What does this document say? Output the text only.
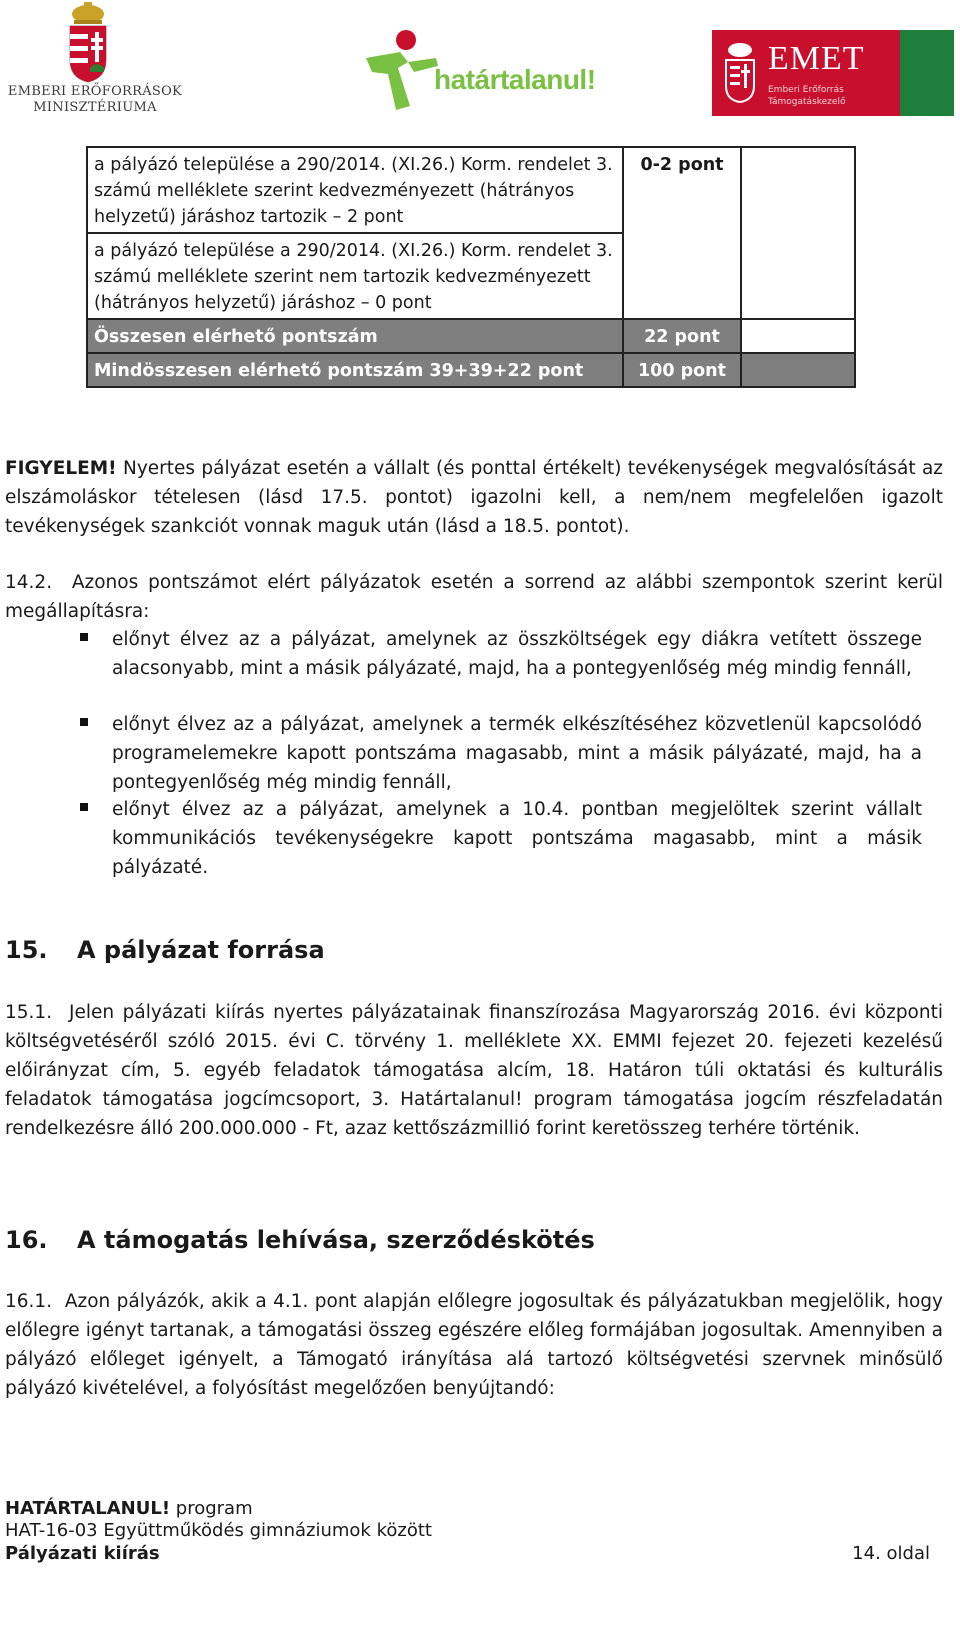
EMBERI ERŐFORRÁSOK
MINISZTÉRIUMA
határtalanul!
EMET
Emberi Erőforrás Támogatáskezelő
a pályázó települése a 290/2014. (XI.26.) Korm. rendelet 3. számú melléklete szerint kedvezményezett (hátrányos helyzetű) járáshoz tartozik – 2 pont	0-2 pont	
a pályázó települése a 290/2014. (XI.26.) Korm. rendelet 3. számú melléklete szerint nem tartozik kedvezményezett (hátrányos helyzetű) járáshoz – 0 pont		
Összesen elérhető pontszám	22 pont	
Mindösszesen elérhető pontszám 39+39+22 pont	100 pont	
FIGYELEM! Nyertes pályázat esetén a vállalt (és ponttal értékelt) tevékenységek megvalósítását az elszámoláskor tételesen (lásd 17.5. pontot) igazolni kell, a nem/nem megfelelően igazolt tevékenységek szankciót vonnak maguk után (lásd a 18.5. pontot).
14.2. Azonos pontszámot elért pályázatok esetén a sorrend az alábbi szempontok szerint kerül megállapításra:
előnyt élvez az a pályázat, amelynek az összköltségek egy diákra vetített összege alacsonyabb, mint a másik pályázaté, majd, ha a pontegyenlőség még mindig fennáll,
előnyt élvez az a pályázat, amelynek a termék elkészítéséhez közvetlenül kapcsolódó programelemekre kapott pontszáma magasabb, mint a másik pályázaté, majd, ha a pontegyenlőség még mindig fennáll,
előnyt élvez az a pályázat, amelynek a 10.4. pontban megjelöltek szerint vállalt kommunikációs tevékenységekre kapott pontszáma magasabb, mint a másik pályázaté.
15. A pályázat forrása
15.1. Jelen pályázati kiírás nyertes pályázatainak finanszírozása Magyarország 2016. évi központi költségvetéséről szóló 2015. évi C. törvény 1. melléklete XX. EMMI fejezet 20. fejezeti kezelésű előirányzat cím, 5. egyéb feladatok támogatása alcím, 18. Határon túli oktatási és kulturális feladatok támogatása jogcímcsoport, 3. Határtalanul! program támogatása jogcím részfeladatán rendelkezésre álló 200.000.000 - Ft, azaz kettőszázmillió forint keretösszeg terhére történik.
16. A támogatás lehívása, szerződéskötés
16.1. Azon pályázók, akik a 4.1. pont alapján előlegre jogosultak és pályázatukban megjelölik, hogy előlegre igényt tartanak, a támogatási összeg egészére előleg formájában jogosultak. Amennyiben a pályázó előleget igényelt, a Támogató irányítása alá tartozó költségvetési szervnek minősülő pályázó kivételével, a folyósítást megelőzően benyújtandó:
HATÁRTALANUL! program
HAT-16-03 Együttműködés gimnáziumok között
Pályázati kiírás	14. oldal
